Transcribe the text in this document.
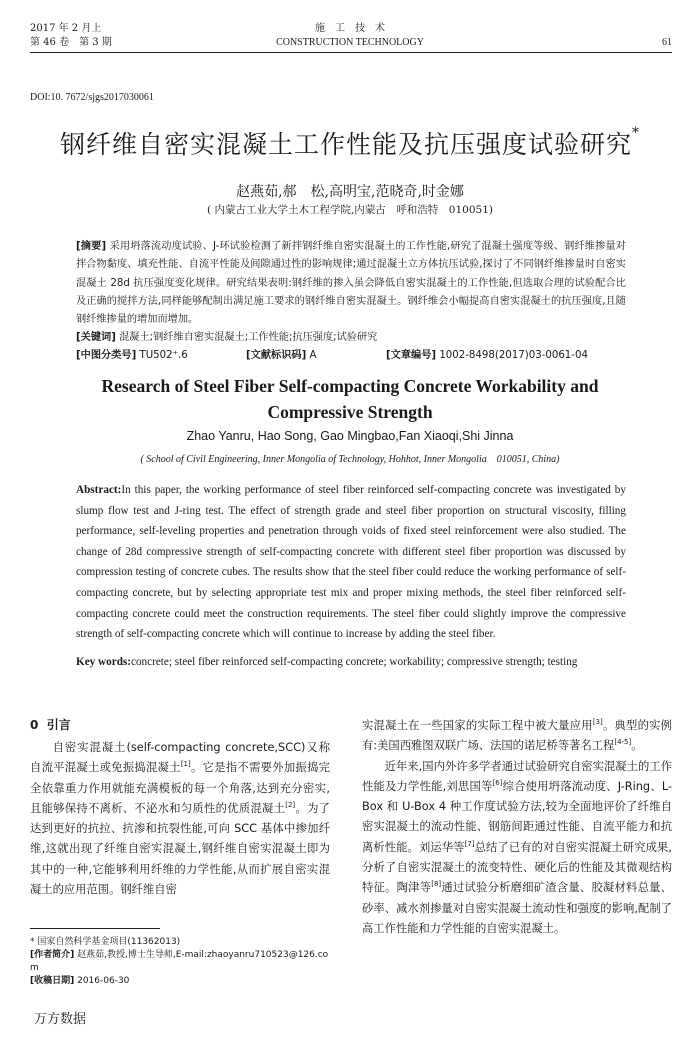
2017 年 2 月上
第 46 卷　第 3 期
施　工　技　术
CONSTRUCTION TECHNOLOGY	61
DOI:10. 7672/sjgs2017030061
钢纤维自密实混凝土工作性能及抗压强度试验研究*
赵燕茹,郝　松,高明宝,范晓奇,时金娜
( 内蒙古工业大学土木工程学院,内蒙古　呼和浩特　010051)
[摘要] 采用坍落流动度试验、J-环试验检测了新拌钢纤维自密实混凝土的工作性能,研究了混凝土强度等级、钢纤维掺量对拌合物黏度、填充性能、自流平性能及间隙通过性的影响规律;通过混凝土立方体抗压试验,探讨了不同钢纤维掺量时自密实混凝土 28d 抗压强度变化规律。研究结果表明:钢纤维的掺入虽会降低自密实混凝土的工作性能,但选取合理的试验配合比及正确的搅拌方法,同样能够配制出满足施工要求的钢纤维自密实混凝土。钢纤维会小幅提高自密实混凝土的抗压强度,且随钢纤维掺量的增加而增加。
[关键词] 混凝土;钢纤维自密实混凝土;工作性能;抗压强度;试验研究
[中图分类号] TU502⁺.6	[文献标识码] A	[文章编号] 1002-8498(2017)03-0061-04
Research of Steel Fiber Self-compacting Concrete Workability and Compressive Strength
Zhao Yanru, Hao Song, Gao Mingbao,Fan Xiaoqi,Shi Jinna
( School of Civil Engineering, Inner Mongolia of Technology, Hohhot, Inner Mongolia　010051, China)
Abstract:In this paper, the working performance of steel fiber reinforced self-compacting concrete was investigated by slump flow test and J-ring test. The effect of strength grade and steel fiber proportion on structural viscosity, filling performance, self-leveling properties and penetration through voids of fixed steel reinforcement were also studied. The change of 28d compressive strength of self-compacting concrete with different steel fiber proportion was discussed by compression testing of concrete cubes. The results show that the steel fiber could reduce the working performance of self-compacting concrete, but by selecting appropriate test mix and proper mixing methods, the steel fiber reinforced self-compacting concrete could meet the construction requirements. The steel fiber could slightly improve the compressive strength of self-compacting concrete which will continue to increase by adding the steel fiber.
Key words:concrete; steel fiber reinforced self-compacting concrete; workability; compressive strength; testing
0 引言

自密实混凝土(self-compacting concrete,SCC)又称自流平混凝土或免振捣混凝土[1]。它是指不需要外加振捣完全依靠重力作用就能充满模板的每一个角落,达到充分密实,且能够保持不离析、不泌水和匀质性的优质混凝土[2]。为了达到更好的抗拉、抗渗和抗裂性能,可向 SCC 基体中掺加纤维,这就出现了纤维自密实混凝土,钢纤维自密实混凝土即为其中的一种,它能够利用纤维的力学性能,从而扩展自密实混凝土的应用范围。钢纤维自密

* 国家自然科学基金项目(11362013)
[作者简介] 赵燕茹,教授,博士生导师,E-mail:zhaoyanru710523@126.com
[收稿日期] 2016-06-30

实混凝土在一些国家的实际工程中被大量应用[3]。典型的实例有:美国西雅图双联广场、法国的诺尼桥等著名工程[4-5]。

近年来,国内外许多学者通过试验研究自密实混凝土的工作性能及力学性能,刘思国等[6]综合使用坍落流动度、J-Ring、L-Box 和 U-Box 4 种工作度试验方法,较为全面地评价了纤维自密实混凝土的流动性能、钢筋间距通过性能、自流平能力和抗离析性能。刘运华等[7]总结了已有的对自密实混凝土研究成果,分析了自密实混凝土的流变特性、硬化后的性能及其微观结构特征。陶津等[8]通过试验分析磨细矿渣含量、胶凝材料总量、砂率、减水剂掺量对自密实混凝土流动性和强度的影响,配制了高工作性能和力学性能的自密实混凝土。

万方数据
